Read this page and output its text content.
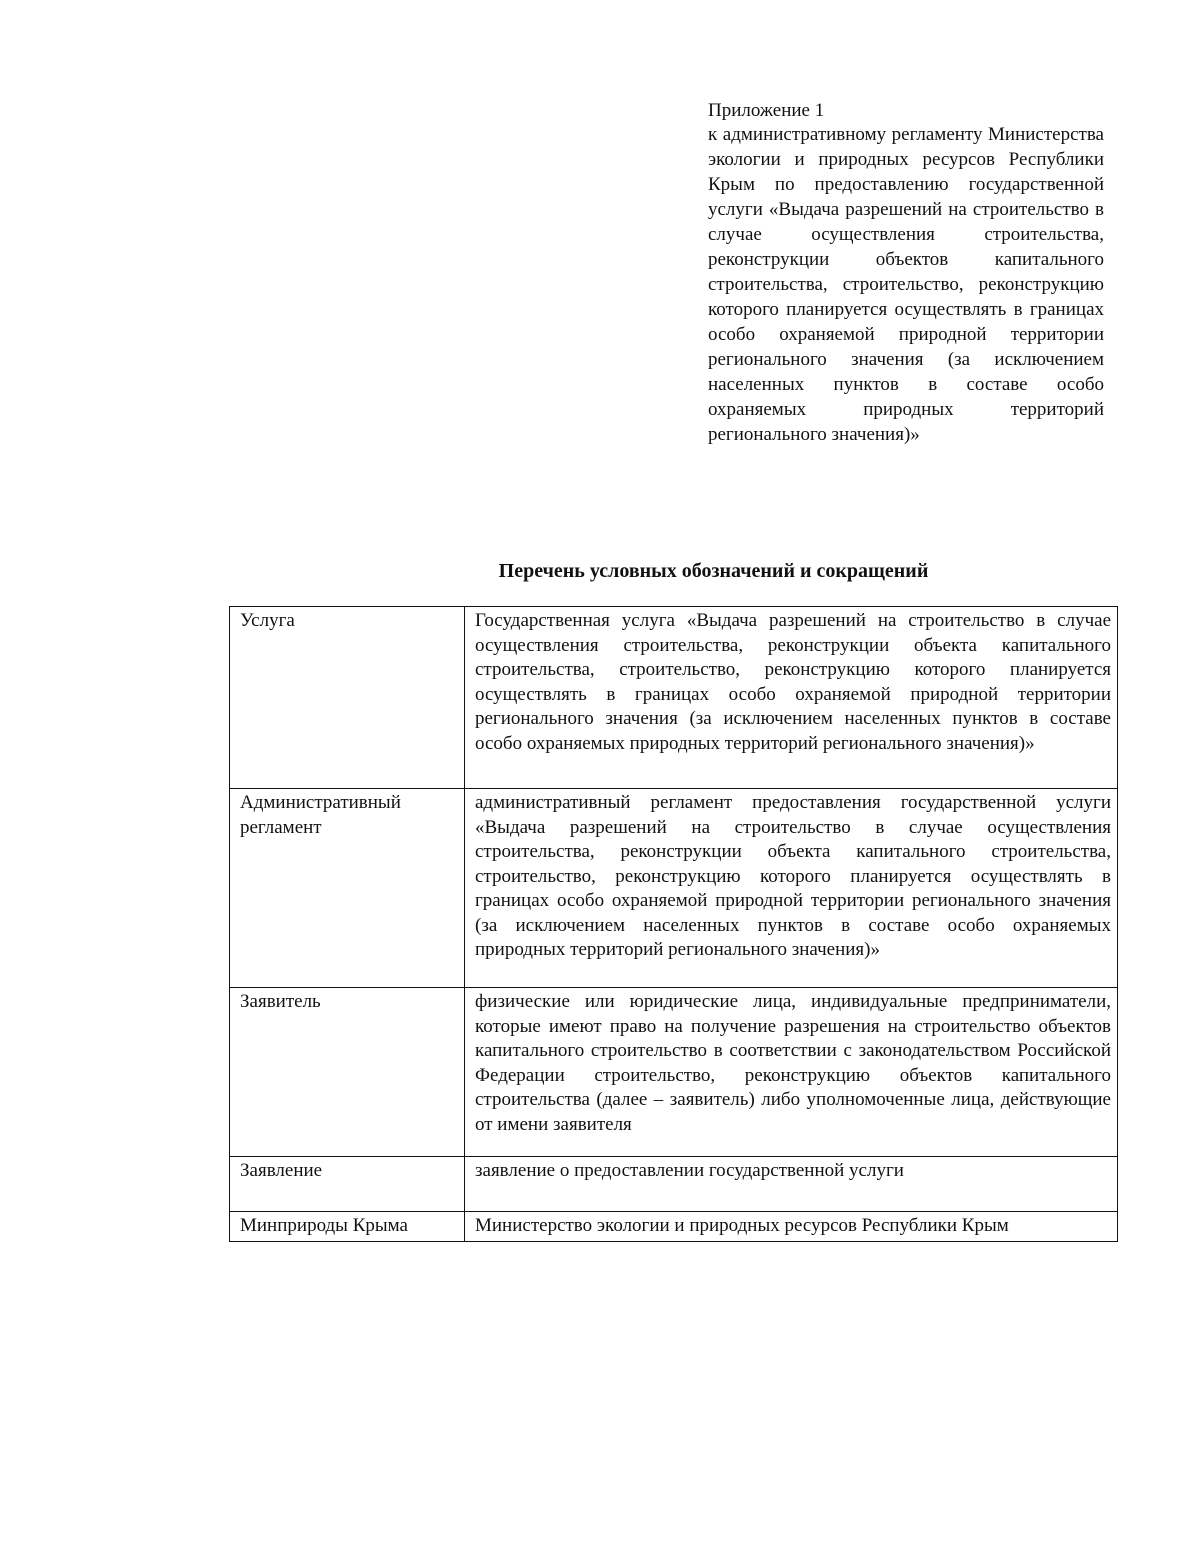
Приложение 1
к административному регламенту Министерства экологии и природных ресурсов Республики Крым по предоставлению государственной услуги «Выдача разрешений на строительство в случае осуществления строительства, реконструкции объектов капитального строительства, строительство, реконструкцию которого планируется осуществлять в границах особо охраняемой природной территории регионального значения (за исключением населенных пунктов в составе особо охраняемых природных территорий регионального значения)»
Перечень условных обозначений и сокращений
Услуга	Государственная услуга «Выдача разрешений на строительство в случае осуществления строительства, реконструкции объекта капитального строительства, строительство, реконструкцию которого планируется осуществлять в границах особо охраняемой природной территории регионального значения (за исключением населенных пунктов в составе особо охраняемых природных территорий регионального значения)»
Административный регламент	административный регламент предоставления государственной услуги «Выдача разрешений на строительство в случае осуществления строительства, реконструкции объекта капитального строительства, строительство, реконструкцию которого планируется осуществлять в границах особо охраняемой природной территории регионального значения (за исключением населенных пунктов в составе особо охраняемых природных территорий регионального значения)»
Заявитель	физические или юридические лица, индивидуальные предприниматели, которые имеют право на получение разрешения на строительство объектов капитального строительство в соответствии с законодательством Российской Федерации строительство, реконструкцию объектов капитального строительства (далее – заявитель) либо уполномоченные лица, действующие от имени заявителя
Заявление	заявление о предоставлении государственной услуги
Минприроды Крыма	Министерство экологии и природных ресурсов Республики Крым
